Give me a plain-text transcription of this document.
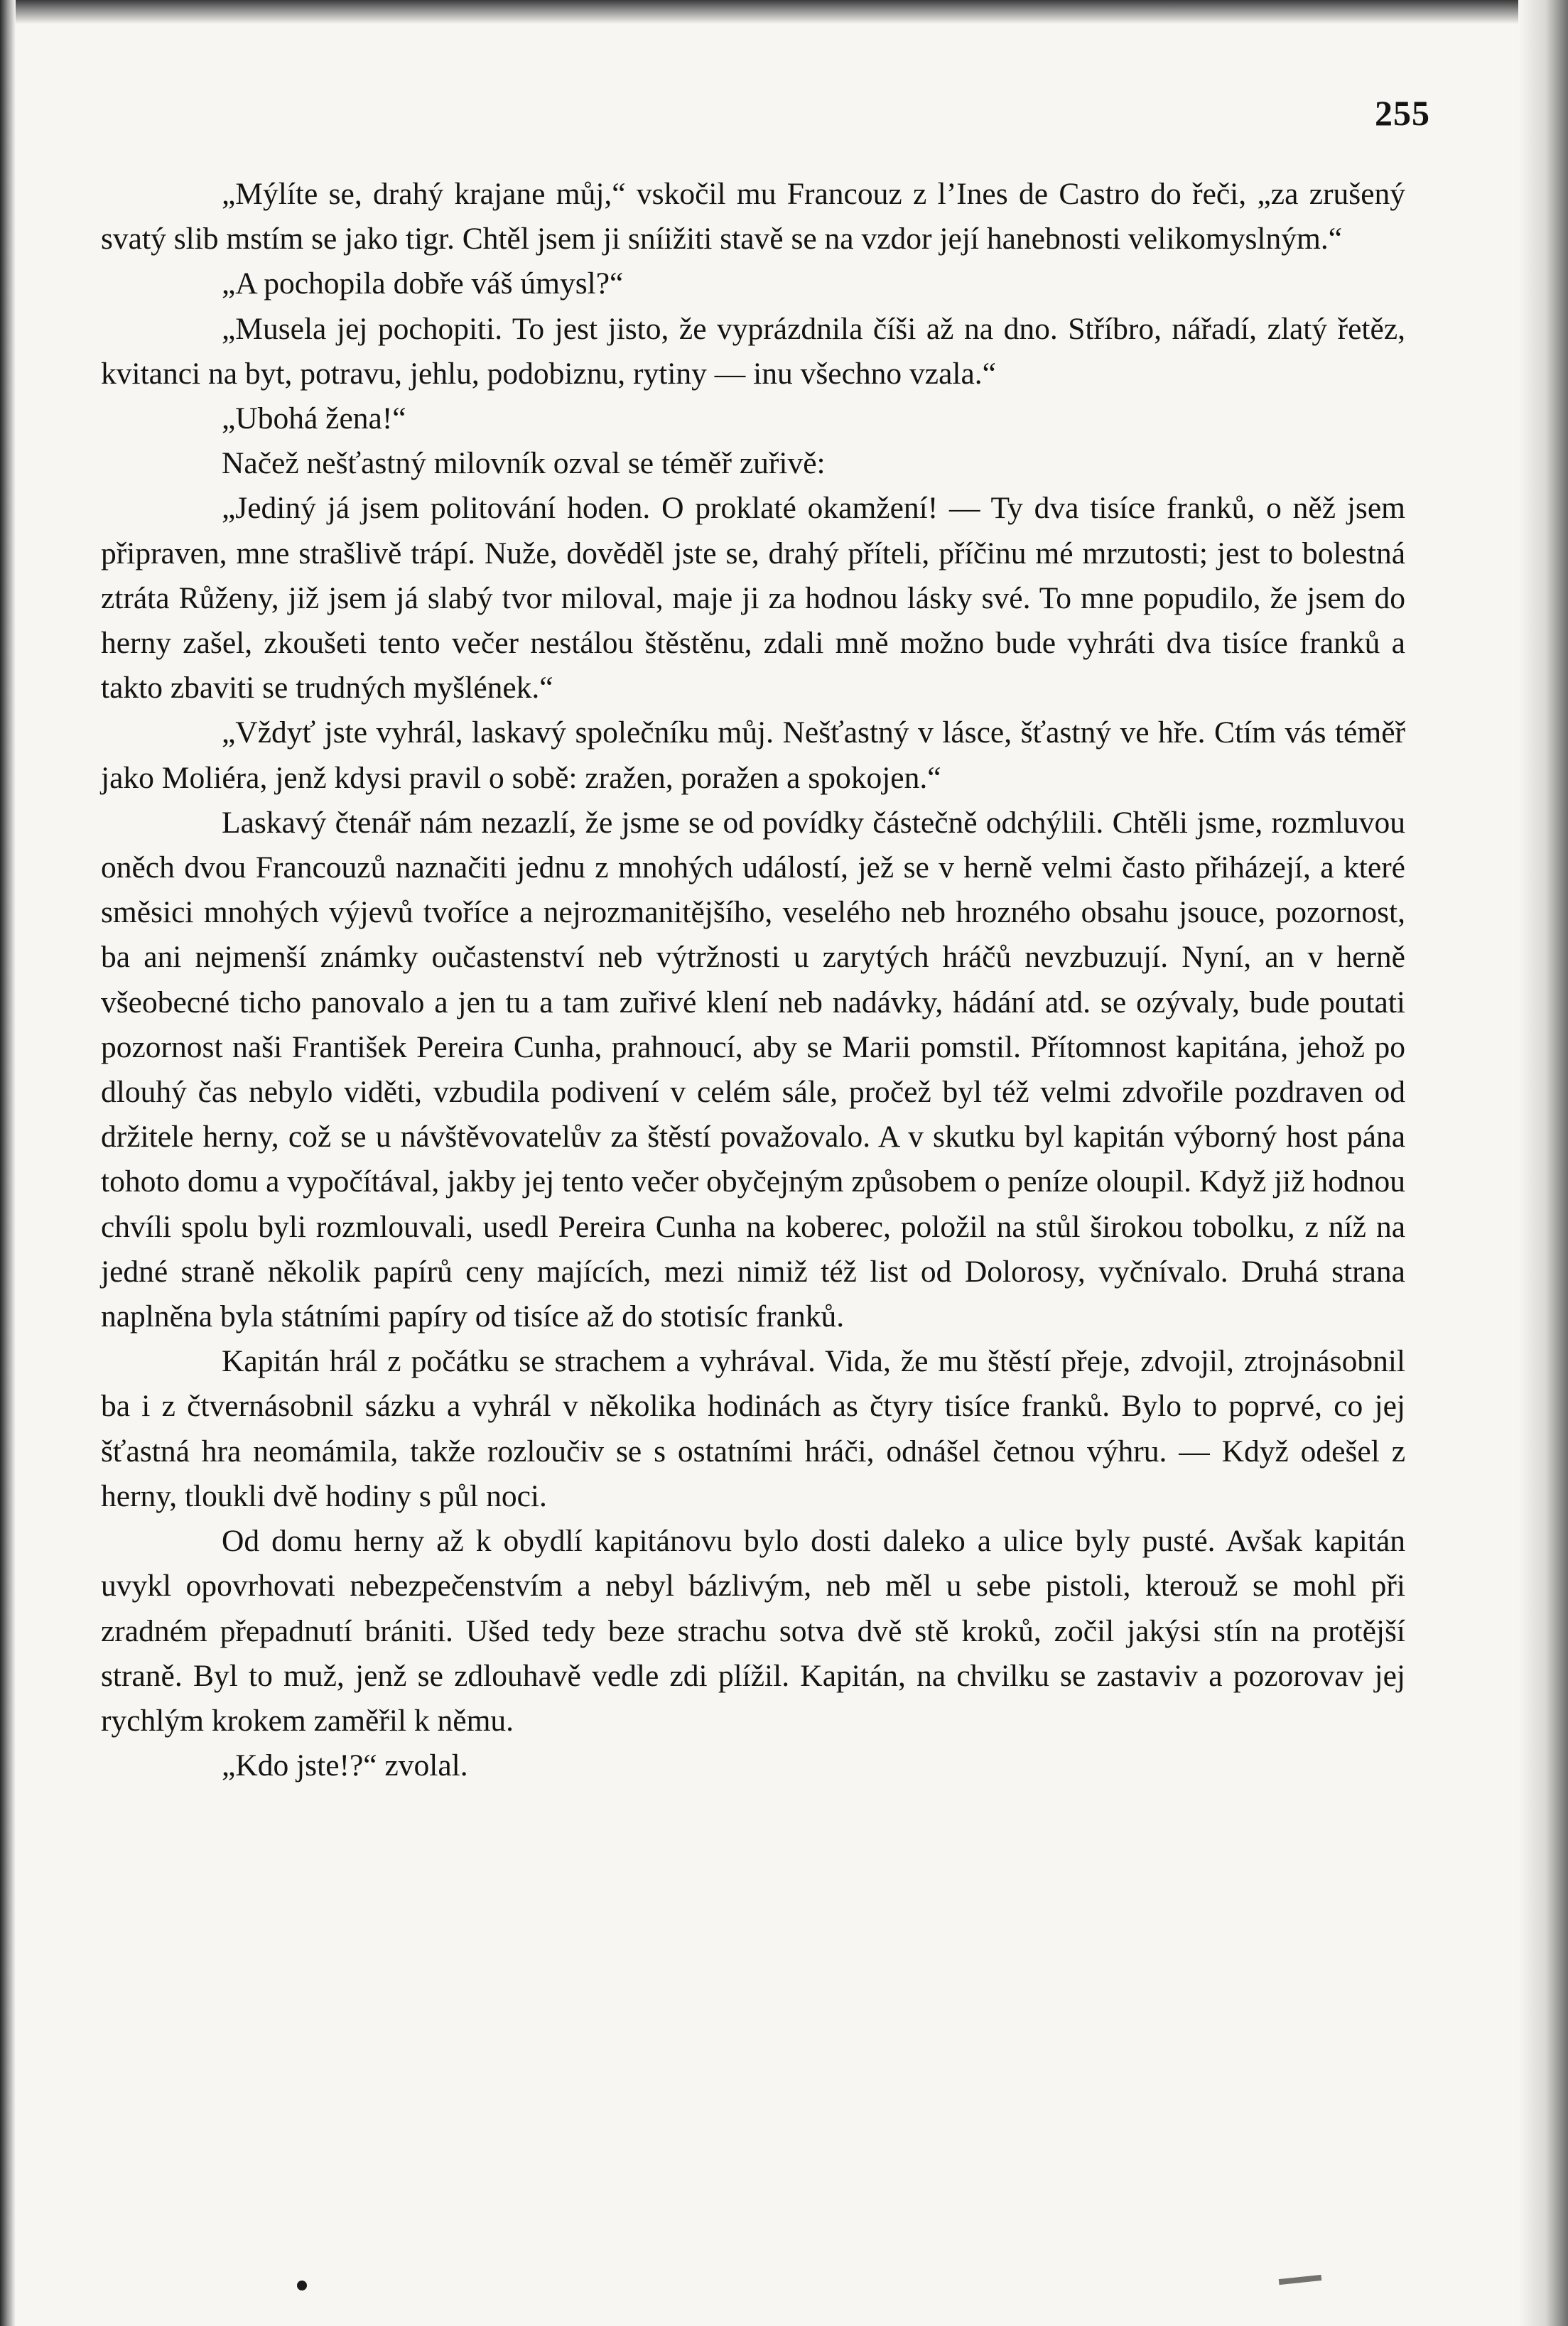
255

„Mýlíte se, drahý krajane můj,“ vskočil mu Francouz z l’Ines de Castro do řeči, „za zrušený svatý slib mstím se jako tigr. Chtěl jsem ji sníižiti stavě se na vzdor její hanebnosti velikomyslným.“

„A pochopila dobře váš úmysl?“

„Musela jej pochopiti. To jest jisto, že vyprázdnila číši až na dno. Stříbro, nářadí, zlatý řetěz, kvitanci na byt, potravu, jehlu, podobiznu, rytiny — inu všechno vzala.“

„Ubohá žena!“

Načež nešťastný milovník ozval se téměř zuřivě:

„Jediný já jsem politování hoden. O proklaté okamžení! — Ty dva tisíce franků, o něž jsem připraven, mne strašlivě trápí. Nuže, dověděl jste se, drahý příteli, příčinu mé mrzutosti; jest to bolestná ztráta Růženy, již jsem já slabý tvor miloval, maje ji za hodnou lásky své. To mne popudilo, že jsem do herny zašel, zkoušeti tento večer nestálou štěstěnu, zdali mně možno bude vyhráti dva tisíce franků a takto zbaviti se trudných myšlének.“

„Vždyť jste vyhrál, laskavý společníku můj. Nešťastný v lásce, šťastný ve hře. Ctím vás téměř jako Moliéra, jenž kdysi pravil o sobě: zražen, poražen a spokojen.“

Laskavý čtenář nám nezazlí, že jsme se od povídky částečně odchýlili. Chtěli jsme, rozmluvou oněch dvou Francouzů naznačiti jednu z mnohých událostí, jež se v herně velmi často přiházejí, a které směsici mnohých výjevů tvoříce a nejrozmanitějšího, veselého neb hrozného obsahu jsouce, pozornost, ba ani nejmenší známky oučastenství neb výtržnosti u zarytých hráčů nevzbuzují. Nyní, an v herně všeobecné ticho panovalo a jen tu a tam zuřivé klení neb nadávky, hádání atd. se ozývaly, bude poutati pozornost naši František Pereira Cunha, prahnoucí, aby se Marii pomstil. Přítomnost kapitána, jehož po dlouhý čas nebylo viděti, vzbudila podivení v celém sále, pročež byl též velmi zdvořile pozdraven od držitele herny, což se u návštěvovatelův za štěstí považovalo. A v skutku byl kapitán výborný host pána tohoto domu a vypočítával, jakby jej tento večer obyčejným způsobem o peníze oloupil. Když již hodnou chvíli spolu byli rozmlouvali, usedl Pereira Cunha na koberec, položil na stůl širokou tobolku, z níž na jedné straně několik papírů ceny majících, mezi nimiž též list od Dolorosy, vyčnívalo. Druhá strana naplněna byla státními papíry od tisíce až do stotisíc franků.

Kapitán hrál z počátku se strachem a vyhrával. Vida, že mu štěstí přeje, zdvojil, ztrojnásobnil ba i z čtvernásobnil sázku a vyhrál v několika hodinách as čtyry tisíce franků. Bylo to poprvé, co jej šťastná hra neomámila, takže rozloučiv se s ostatními hráči, odnášel četnou výhru. — Když odešel z herny, tloukli dvě hodiny s půl noci.

Od domu herny až k obydlí kapitánovu bylo dosti daleko a ulice byly pusté. Avšak kapitán uvykl opovrhovati nebezpečenstvím a nebyl bázlivým, neb měl u sebe pistoli, kterouž se mohl při zradném přepadnutí brániti. Ušed tedy beze strachu sotva dvě stě kroků, zočil jakýsi stín na protější straně. Byl to muž, jenž se zdlouhavě vedle zdi plížil. Kapitán, na chvilku se zastaviv a pozorovav jej rychlým krokem zaměřil k němu.

„Kdo jste!?“ zvolal.
